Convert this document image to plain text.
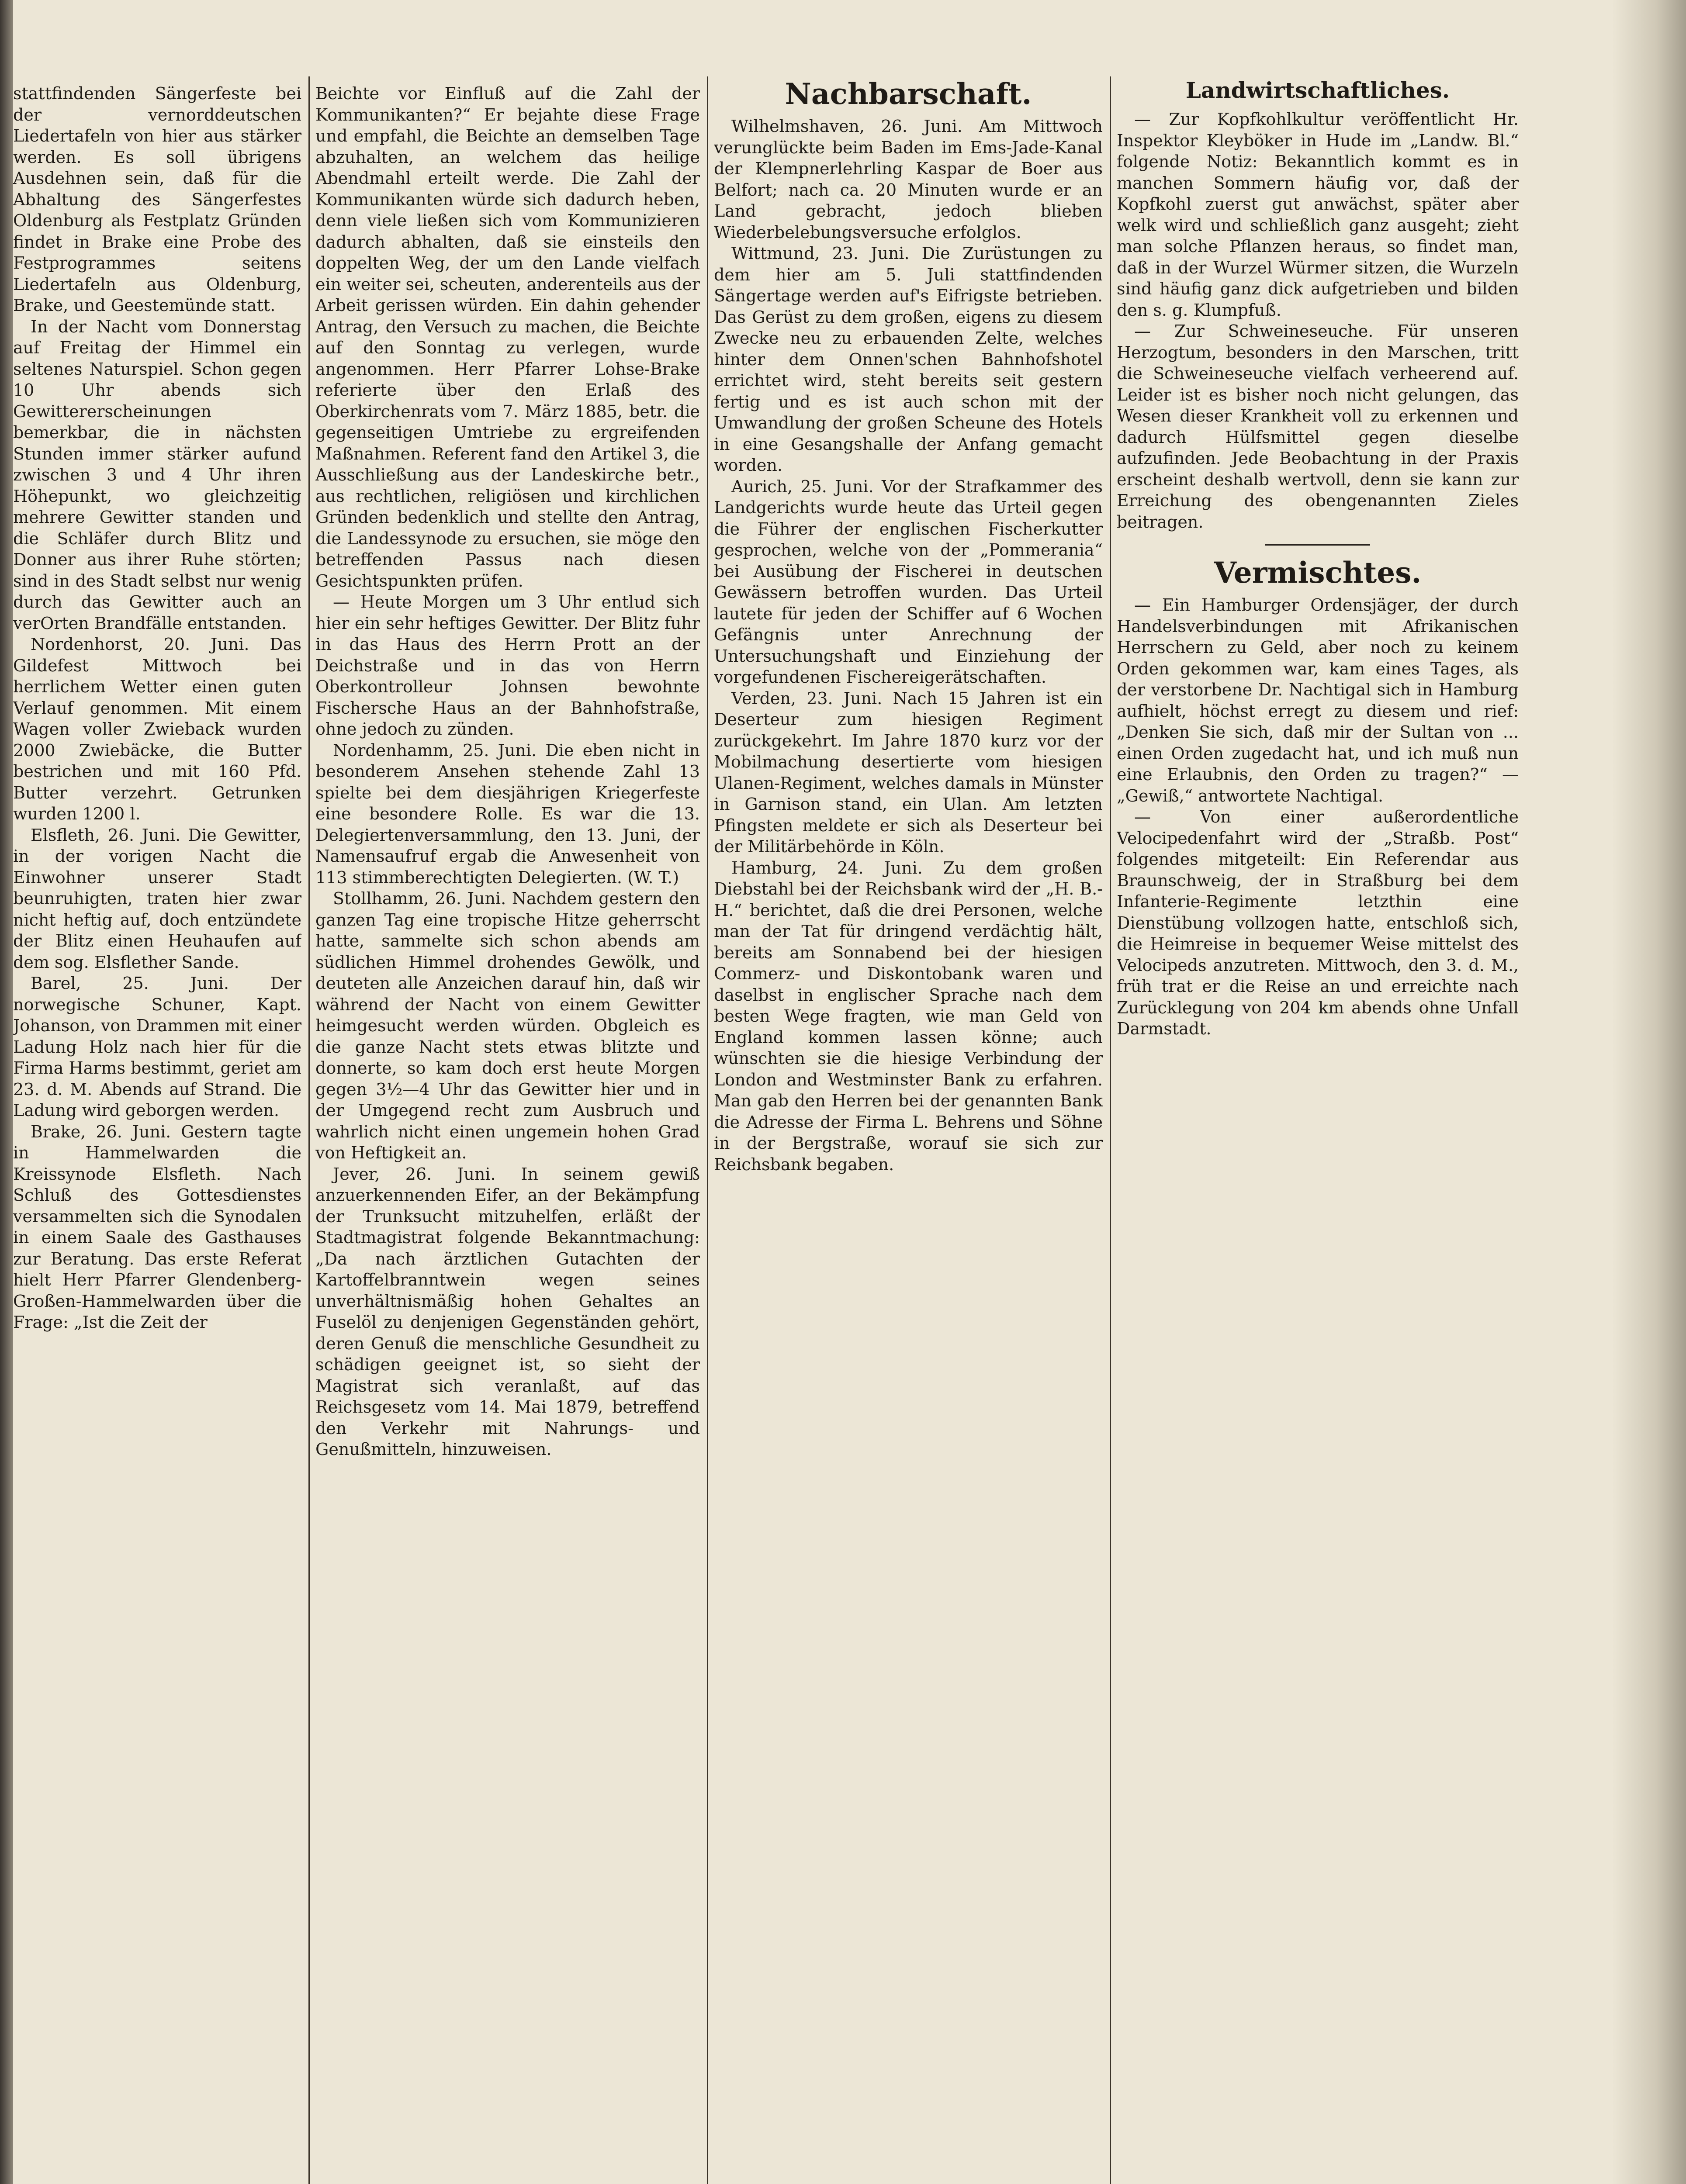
stattfindenden Sängerfeste bei der vernorddeutschen Liedertafeln von hier aus stärker werden. Es soll übrigens Ausdehnen sein, daß für die Abhaltung des Sängerfestes Oldenburg als Festplatz Gründen findet in Brake eine Probe des Festprogrammes seitens Liedertafeln aus Oldenburg, Brake, und Geestemünde statt.

In der Nacht vom Donnerstag auf Freitag der Himmel ein seltenes Naturspiel. Schon gegen 10 Uhr abends sich Gewittererscheinungen bemerkbar, die in nächsten Stunden immer stärker aufund zwischen 3 und 4 Uhr ihren Höhepunkt, wo gleichzeitig mehrere Gewitter standen und die Schläfer durch Blitz und Donner aus ihrer Ruhe störten; sind in des Stadt selbst nur wenig durch das Gewitter auch an verOrten Brandfälle entstanden.

Nordenhorst, 20. Juni. Das Gildefest Mittwoch bei herrlichem Wetter einen guten Verlauf genommen. Mit einem Wagen voller Zwieback wurden 2000 Zwiebäcke, die Butter bestrichen und mit 160 Pfd. Butter verzehrt. Getrunken wurden 1200 l.

Elsfleth, 26. Juni. Die Gewitter, in der vorigen Nacht die Einwohner unserer Stadt beunruhigten, traten hier zwar nicht heftig auf, doch entzündete der Blitz einen Heuhaufen auf dem sog. Elsflether Sande.

Barel, 25. Juni. Der norwegische Schuner, Kapt. Johanson, von Drammen mit einer Ladung Holz nach hier für die Firma Harms bestimmt, geriet am 23. d. M. Abends auf Strand. Die Ladung wird geborgen werden.

Brake, 26. Juni. Gestern tagte in Hammelwarden die Kreissynode Elsfleth. Nach Schluß des Gottesdienstes versammelten sich die Synodalen in einem Saale des Gasthauses zur Beratung. Das erste Referat hielt Herr Pfarrer Glendenberg-Großen-Hammelwarden über die Frage: „Ist die Zeit der

Beichte vor Einfluß auf die Zahl der Kommunikanten?“ Er bejahte diese Frage und empfahl, die Beichte an demselben Tage abzuhalten, an welchem das heilige Abendmahl erteilt werde. Die Zahl der Kommunikanten würde sich dadurch heben, denn viele ließen sich vom Kommunizieren dadurch abhalten, daß sie einsteils den doppelten Weg, der um den Lande vielfach ein weiter sei, scheuten, anderenteils aus der Arbeit gerissen würden. Ein dahin gehender Antrag, den Versuch zu machen, die Beichte auf den Sonntag zu verlegen, wurde angenommen. Herr Pfarrer Lohse-Brake referierte über den Erlaß des Oberkirchenrats vom 7. März 1885, betr. die gegenseitigen Umtriebe zu ergreifenden Maßnahmen. Referent fand den Artikel 3, die Ausschließung aus der Landeskirche betr., aus rechtlichen, religiösen und kirchlichen Gründen bedenklich und stellte den Antrag, die Landessynode zu ersuchen, sie möge den betreffenden Passus nach diesen Gesichtspunkten prüfen.

— Heute Morgen um 3 Uhr entlud sich hier ein sehr heftiges Gewitter. Der Blitz fuhr in das Haus des Herrn Prott an der Deichstraße und in das von Herrn Oberkontrolleur Johnsen bewohnte Fischersche Haus an der Bahnhofstraße, ohne jedoch zu zünden.

Nordenhamm, 25. Juni. Die eben nicht in besonderem Ansehen stehende Zahl 13 spielte bei dem diesjährigen Kriegerfeste eine besondere Rolle. Es war die 13. Delegiertenversammlung, den 13. Juni, der Namensaufruf ergab die Anwesenheit von 113 stimmberechtigten Delegierten. (W. T.)

Stollhamm, 26. Juni. Nachdem gestern den ganzen Tag eine tropische Hitze geherrscht hatte, sammelte sich schon abends am südlichen Himmel drohendes Gewölk, und deuteten alle Anzeichen darauf hin, daß wir während der Nacht von einem Gewitter heimgesucht werden würden. Obgleich es die ganze Nacht stets etwas blitzte und donnerte, so kam doch erst heute Morgen gegen 3½—4 Uhr das Gewitter hier und in der Umgegend recht zum Ausbruch und wahrlich nicht einen ungemein hohen Grad von Heftigkeit an.

Jever, 26. Juni. In seinem gewiß anzuerkennenden Eifer, an der Bekämpfung der Trunksucht mitzuhelfen, erläßt der Stadtmagistrat folgende Bekanntmachung: „Da nach ärztlichen Gutachten der Kartoffelbranntwein wegen seines unverhältnismäßig hohen Gehaltes an Fuselöl zu denjenigen Gegenständen gehört, deren Genuß die menschliche Gesundheit zu schädigen geeignet ist, so sieht der Magistrat sich veranlaßt, auf das Reichsgesetz vom 14. Mai 1879, betreffend den Verkehr mit Nahrungs- und Genußmitteln, hinzuweisen.

Nachbarschaft.

Wilhelmshaven, 26. Juni. Am Mittwoch verunglückte beim Baden im Ems-Jade-Kanal der Klempnerlehrling Kaspar de Boer aus Belfort; nach ca. 20 Minuten wurde er an Land gebracht, jedoch blieben Wiederbelebungsversuche erfolglos.

Wittmund, 23. Juni. Die Zurüstungen zu dem hier am 5. Juli stattfindenden Sängertage werden auf's Eifrigste betrieben. Das Gerüst zu dem großen, eigens zu diesem Zwecke neu zu erbauenden Zelte, welches hinter dem Onnen'schen Bahnhofshotel errichtet wird, steht bereits seit gestern fertig und es ist auch schon mit der Umwandlung der großen Scheune des Hotels in eine Gesangshalle der Anfang gemacht worden.

Aurich, 25. Juni. Vor der Strafkammer des Landgerichts wurde heute das Urteil gegen die Führer der englischen Fischerkutter gesprochen, welche von der „Pommerania“ bei Ausübung der Fischerei in deutschen Gewässern betroffen wurden. Das Urteil lautete für jeden der Schiffer auf 6 Wochen Gefängnis unter Anrechnung der Untersuchungshaft und Einziehung der vorgefundenen Fischereigerätschaften.

Verden, 23. Juni. Nach 15 Jahren ist ein Deserteur zum hiesigen Regiment zurückgekehrt. Im Jahre 1870 kurz vor der Mobilmachung desertierte vom hiesigen Ulanen-Regiment, welches damals in Münster in Garnison stand, ein Ulan. Am letzten Pfingsten meldete er sich als Deserteur bei der Militärbehörde in Köln.

Hamburg, 24. Juni. Zu dem großen Diebstahl bei der Reichsbank wird der „H. B.-H.“ berichtet, daß die drei Personen, welche man der Tat für dringend verdächtig hält, bereits am Sonnabend bei der hiesigen Commerz- und Diskontobank waren und daselbst in englischer Sprache nach dem besten Wege fragten, wie man Geld von England kommen lassen könne; auch wünschten sie die hiesige Verbindung der London and Westminster Bank zu erfahren. Man gab den Herren bei der genannten Bank die Adresse der Firma L. Behrens und Söhne in der Bergstraße, worauf sie sich zur Reichsbank begaben.

Landwirtschaftliches.

— Zur Kopfkohlkultur veröffentlicht Hr. Inspektor Kleyböker in Hude im „Landw. Bl.“ folgende Notiz: Bekanntlich kommt es in manchen Sommern häufig vor, daß der Kopfkohl zuerst gut anwächst, später aber welk wird und schließlich ganz ausgeht; zieht man solche Pflanzen heraus, so findet man, daß in der Wurzel Würmer sitzen, die Wurzeln sind häufig ganz dick aufgetrieben und bilden den s. g. Klumpfuß.

— Zur Schweineseuche. Für unseren Herzogtum, besonders in den Marschen, tritt die Schweineseuche vielfach verheerend auf. Leider ist es bisher noch nicht gelungen, das Wesen dieser Krankheit voll zu erkennen und dadurch Hülfsmittel gegen dieselbe aufzufinden. Jede Beobachtung in der Praxis erscheint deshalb wertvoll, denn sie kann zur Erreichung des obengenannten Zieles beitragen.

Vermischtes.

— Ein Hamburger Ordensjäger, der durch Handelsverbindungen mit Afrikanischen Herrschern zu Geld, aber noch zu keinem Orden gekommen war, kam eines Tages, als der verstorbene Dr. Nachtigal sich in Hamburg aufhielt, höchst erregt zu diesem und rief: „Denken Sie sich, daß mir der Sultan von ... einen Orden zugedacht hat, und ich muß nun eine Erlaubnis, den Orden zu tragen?“ — „Gewiß,“ antwortete Nachtigal.

— Von einer außerordentliche Velocipedenfahrt wird der „Straßb. Post“ folgendes mitgeteilt: Ein Referendar aus Braunschweig, der in Straßburg bei dem Infanterie-Regimente letzthin eine Dienstübung vollzogen hatte, entschloß sich, die Heimreise in bequemer Weise mittelst des Velocipeds anzutreten. Mittwoch, den 3. d. M., früh trat er die Reise an und erreichte nach Zurücklegung von 204 km abends ohne Unfall Darmstadt.
